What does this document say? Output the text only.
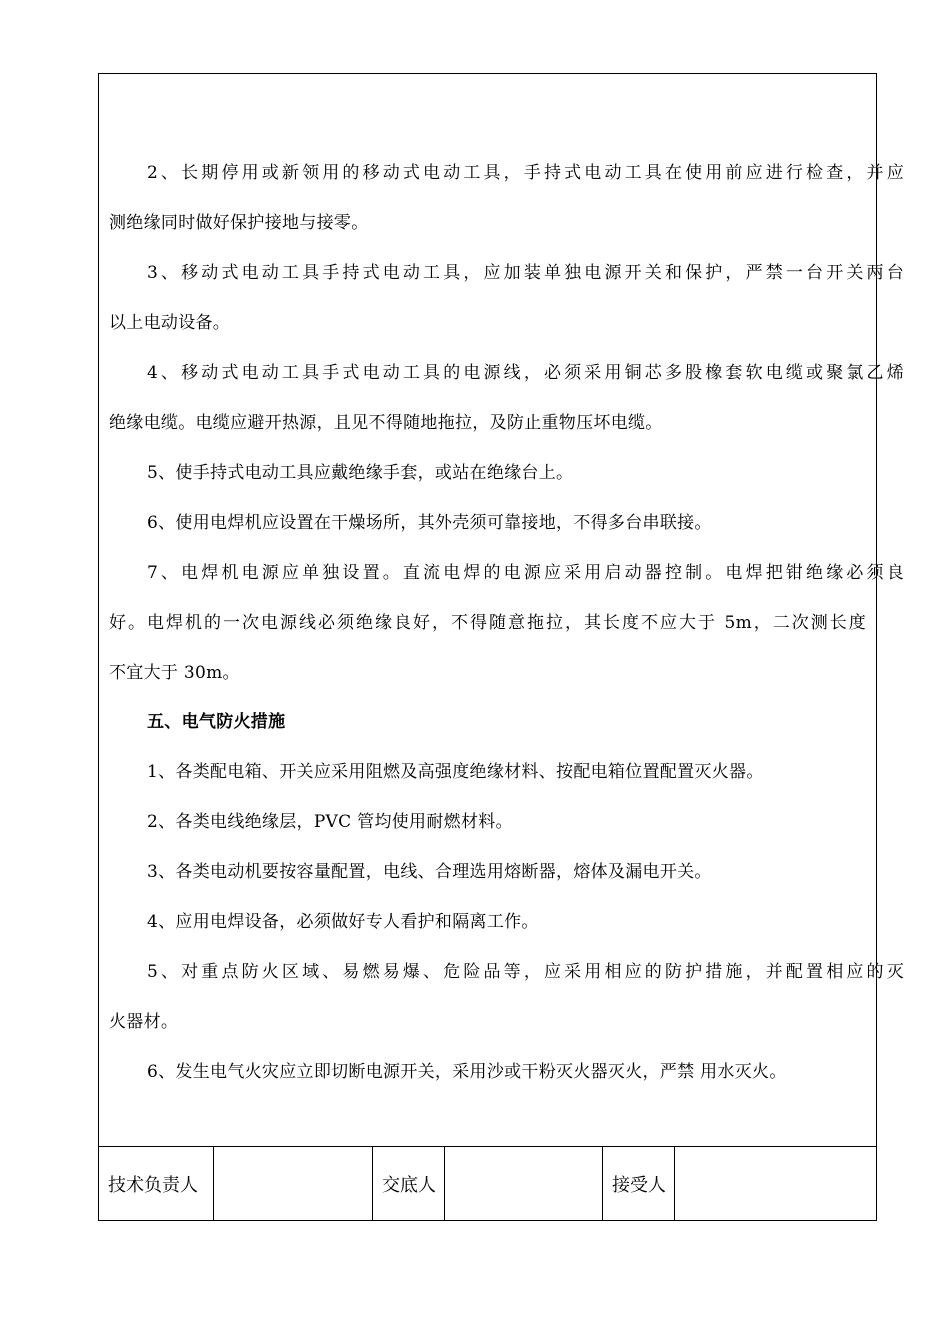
2、长期停用或新领用的移动式电动工具，手持式电动工具在使用前应进行检查，并应
测绝缘同时做好保护接地与接零。
3、移动式电动工具手持式电动工具，应加装单独电源开关和保护，严禁一台开关两台
以上电动设备。
4、移动式电动工具手式电动工具的电源线，必须采用铜芯多股橡套软电缆或聚氯乙烯
绝缘电缆。电缆应避开热源，且见不得随地拖拉，及防止重物压坏电缆。
5、使手持式电动工具应戴绝缘手套，或站在绝缘台上。
6、使用电焊机应设置在干燥场所，其外壳须可靠接地，不得多台串联接。
7、电焊机电源应单独设置。直流电焊的电源应采用启动器控制。电焊把钳绝缘必须良
好。电焊机的一次电源线必须绝缘良好，不得随意拖拉，其长度不应大于 5m，二次测长度
不宜大于 30m。
五、电气防火措施
1、各类配电箱、开关应采用阻燃及高强度绝缘材料、按配电箱位置配置灭火器。
2、各类电线绝缘层，PVC 管均使用耐燃材料。
3、各类电动机要按容量配置，电线、合理选用熔断器，熔体及漏电开关。
4、应用电焊设备，必须做好专人看护和隔离工作。
5、对重点防火区域、易燃易爆、危险品等，应采用相应的防护措施，并配置相应的灭
火器材。
6、发生电气火灾应立即切断电源开关，采用沙或干粉灭火器灭火，严禁 用水灭火。
技术负责人	交底人	接受人
